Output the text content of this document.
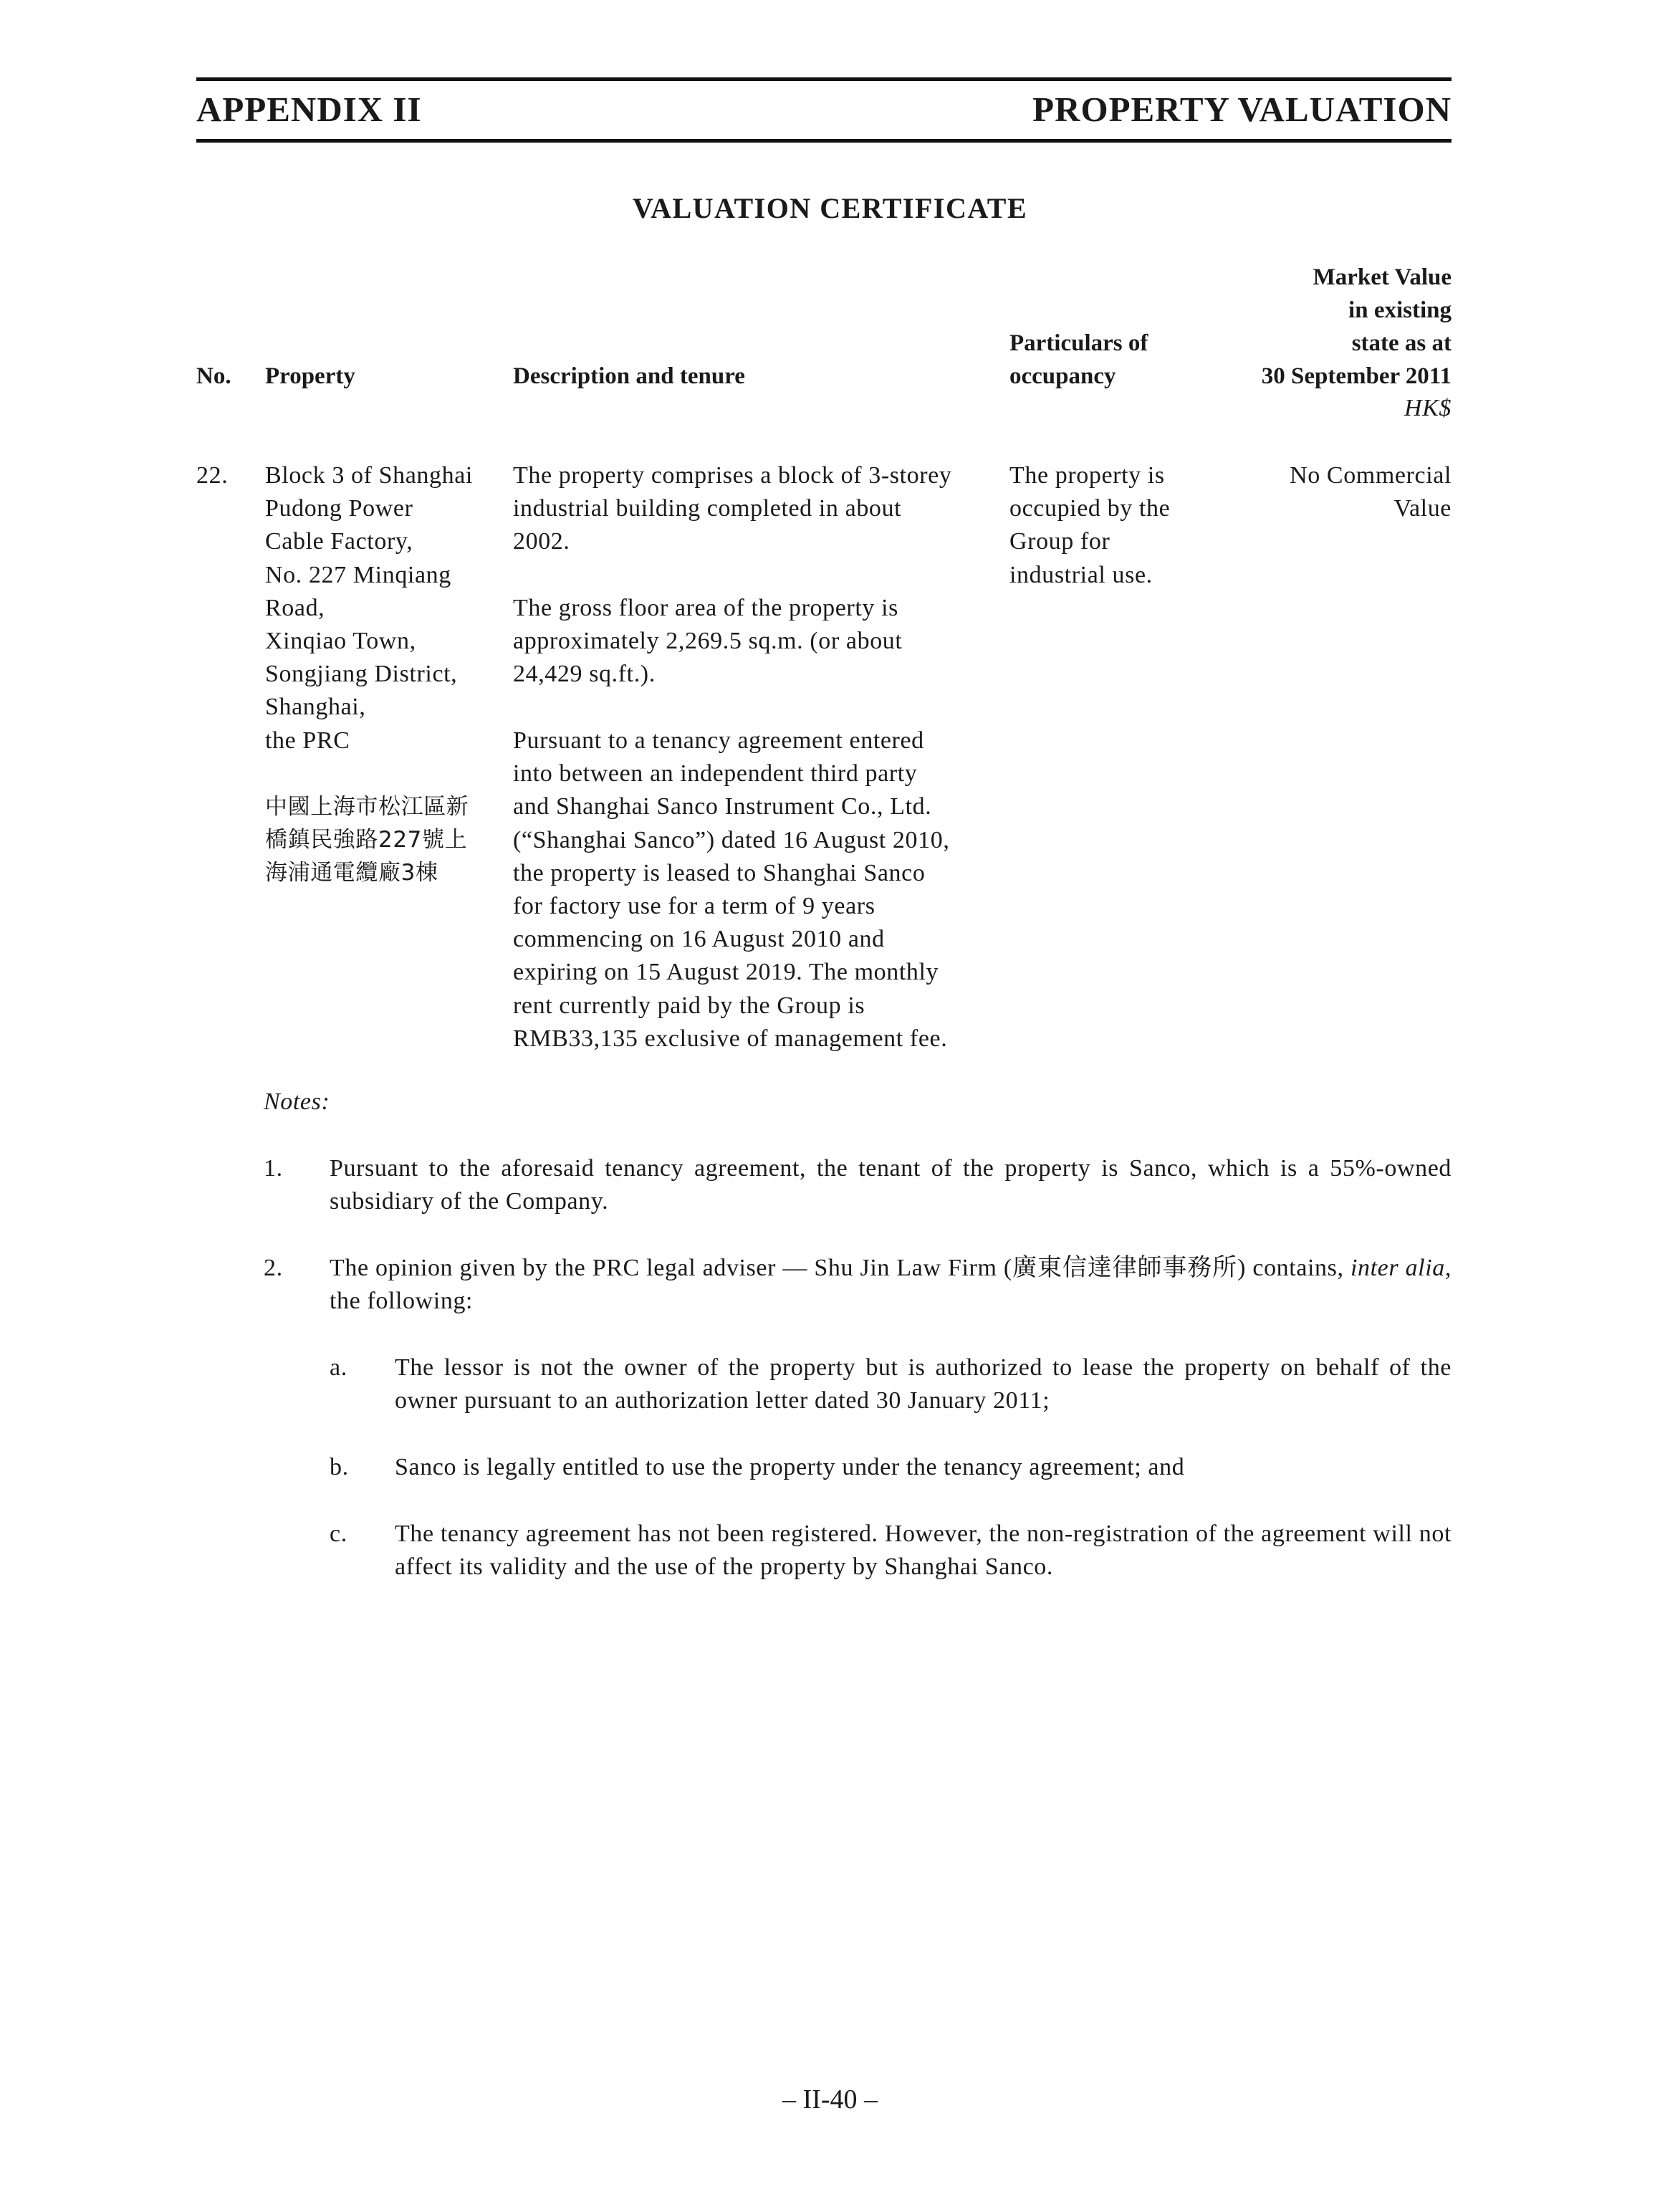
APPENDIX II	PROPERTY VALUATION
VALUATION CERTIFICATE
No. Property	Description and tenure
Particulars of
occupancy
Market Value
in existing
state as at
30 September 2011
HK$
22. Block 3 of Shanghai
Pudong Power
Cable Factory,
No. 227 Minqiang
Road,
Xinqiao Town,
Songjiang District,
Shanghai,
the PRC
中國上海市松江區新
橋鎮民強路227號上
海浦通電纜廠3棟
The property comprises a block of 3-storey
industrial building completed in about
2002.
The gross floor area of the property is
approximately 2,269.5 sq.m. (or about
24,429 sq.ft.).
Pursuant to a tenancy agreement entered
into between an independent third party
and Shanghai Sanco Instrument Co., Ltd.
(“Shanghai Sanco”) dated 16 August 2010,
the property is leased to Shanghai Sanco
for factory use for a term of 9 years
commencing on 16 August 2010 and
expiring on 15 August 2019. The monthly
rent currently paid by the Group is
RMB33,135 exclusive of management fee.
The property is
occupied by the
Group for
industrial use.
No Commercial
Value
Notes:
1. Pursuant to the aforesaid tenancy agreement, the tenant of the property is Sanco, which is a 55%-owned subsidiary of the Company.
2. The opinion given by the PRC legal adviser — Shu Jin Law Firm (廣東信達律師事務所) contains, inter alia, the following:
a. The lessor is not the owner of the property but is authorized to lease the property on behalf of the owner pursuant to an authorization letter dated 30 January 2011;
b. Sanco is legally entitled to use the property under the tenancy agreement; and
c. The tenancy agreement has not been registered. However, the non-registration of the agreement will not affect its validity and the use of the property by Shanghai Sanco.
– II-40 –
